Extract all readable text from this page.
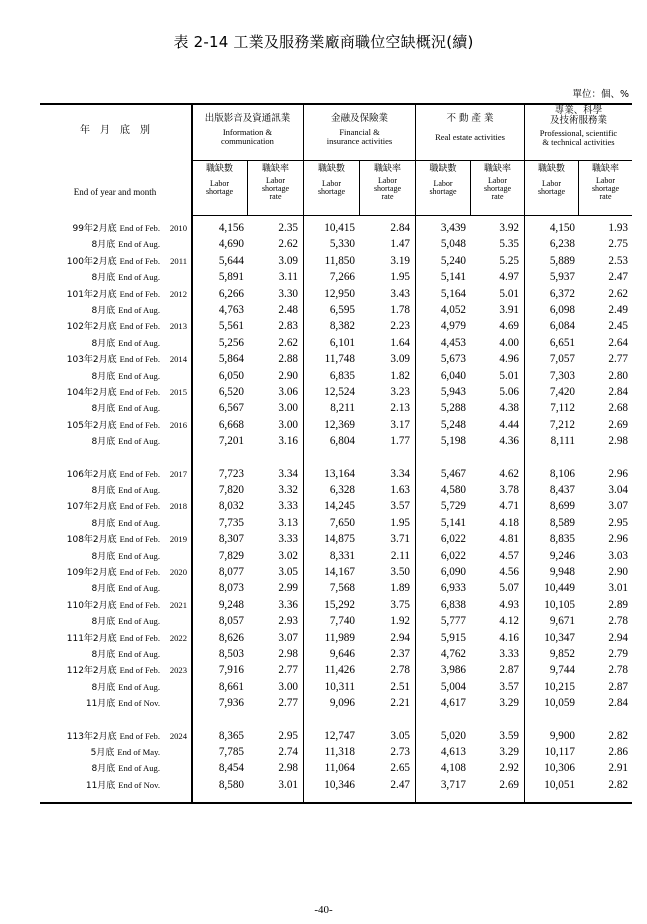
表 2-14 工業及服務業廠商職位空缺概況(續)
單位：個、%
年　月　底　別
End of year and month
出版影音及資通訊業
Information &
communication
金融及保險業
Financial &
insurance activities
不 動 產 業
Real estate activities
專業、科學
及技術服務業
Professional, scientific
& technical activities
職缺數
Labor
shortage
職缺率
Labor
shortage
rate
職缺數
Labor
shortage
職缺率
Labor
shortage
rate
職缺數
Labor
shortage
職缺率
Labor
shortage
rate
職缺數
Labor
shortage
職缺率
Labor
shortage
rate
99年2月底 End of Feb. 2010	4,156	2.35	10,415	2.84	3,439	3.92	4,150	1.93
8月底 End of Aug.	4,690	2.62	5,330	1.47	5,048	5.35	6,238	2.75
100年2月底 End of Feb. 2011	5,644	3.09	11,850	3.19	5,240	5.25	5,889	2.53
8月底 End of Aug.	5,891	3.11	7,266	1.95	5,141	4.97	5,937	2.47
101年2月底 End of Feb. 2012	6,266	3.30	12,950	3.43	5,164	5.01	6,372	2.62
8月底 End of Aug.	4,763	2.48	6,595	1.78	4,052	3.91	6,098	2.49
102年2月底 End of Feb. 2013	5,561	2.83	8,382	2.23	4,979	4.69	6,084	2.45
8月底 End of Aug.	5,256	2.62	6,101	1.64	4,453	4.00	6,651	2.64
103年2月底 End of Feb. 2014	5,864	2.88	11,748	3.09	5,673	4.96	7,057	2.77
8月底 End of Aug.	6,050	2.90	6,835	1.82	6,040	5.01	7,303	2.80
104年2月底 End of Feb. 2015	6,520	3.06	12,524	3.23	5,943	5.06	7,420	2.84
8月底 End of Aug.	6,567	3.00	8,211	2.13	5,288	4.38	7,112	2.68
105年2月底 End of Feb. 2016	6,668	3.00	12,369	3.17	5,248	4.44	7,212	2.69
8月底 End of Aug.	7,201	3.16	6,804	1.77	5,198	4.36	8,111	2.98
106年2月底 End of Feb. 2017	7,723	3.34	13,164	3.34	5,467	4.62	8,106	2.96
8月底 End of Aug.	7,820	3.32	6,328	1.63	4,580	3.78	8,437	3.04
107年2月底 End of Feb. 2018	8,032	3.33	14,245	3.57	5,729	4.71	8,699	3.07
8月底 End of Aug.	7,735	3.13	7,650	1.95	5,141	4.18	8,589	2.95
108年2月底 End of Feb. 2019	8,307	3.33	14,875	3.71	6,022	4.81	8,835	2.96
8月底 End of Aug.	7,829	3.02	8,331	2.11	6,022	4.57	9,246	3.03
109年2月底 End of Feb. 2020	8,077	3.05	14,167	3.50	6,090	4.56	9,948	2.90
8月底 End of Aug.	8,073	2.99	7,568	1.89	6,933	5.07	10,449	3.01
110年2月底 End of Feb. 2021	9,248	3.36	15,292	3.75	6,838	4.93	10,105	2.89
8月底 End of Aug.	8,057	2.93	7,740	1.92	5,777	4.12	9,671	2.78
111年2月底 End of Feb. 2022	8,626	3.07	11,989	2.94	5,915	4.16	10,347	2.94
8月底 End of Aug.	8,503	2.98	9,646	2.37	4,762	3.33	9,852	2.79
112年2月底 End of Feb. 2023	7,916	2.77	11,426	2.78	3,986	2.87	9,744	2.78
8月底 End of Aug.	8,661	3.00	10,311	2.51	5,004	3.57	10,215	2.87
11月底 End of Nov.	7,936	2.77	9,096	2.21	4,617	3.29	10,059	2.84
113年2月底 End of Feb. 2024	8,365	2.95	12,747	3.05	5,020	3.59	9,900	2.82
5月底 End of May.	7,785	2.74	11,318	2.73	4,613	3.29	10,117	2.86
8月底 End of Aug.	8,454	2.98	11,064	2.65	4,108	2.92	10,306	2.91
11月底 End of Nov.	8,580	3.01	10,346	2.47	3,717	2.69	10,051	2.82
-40-
